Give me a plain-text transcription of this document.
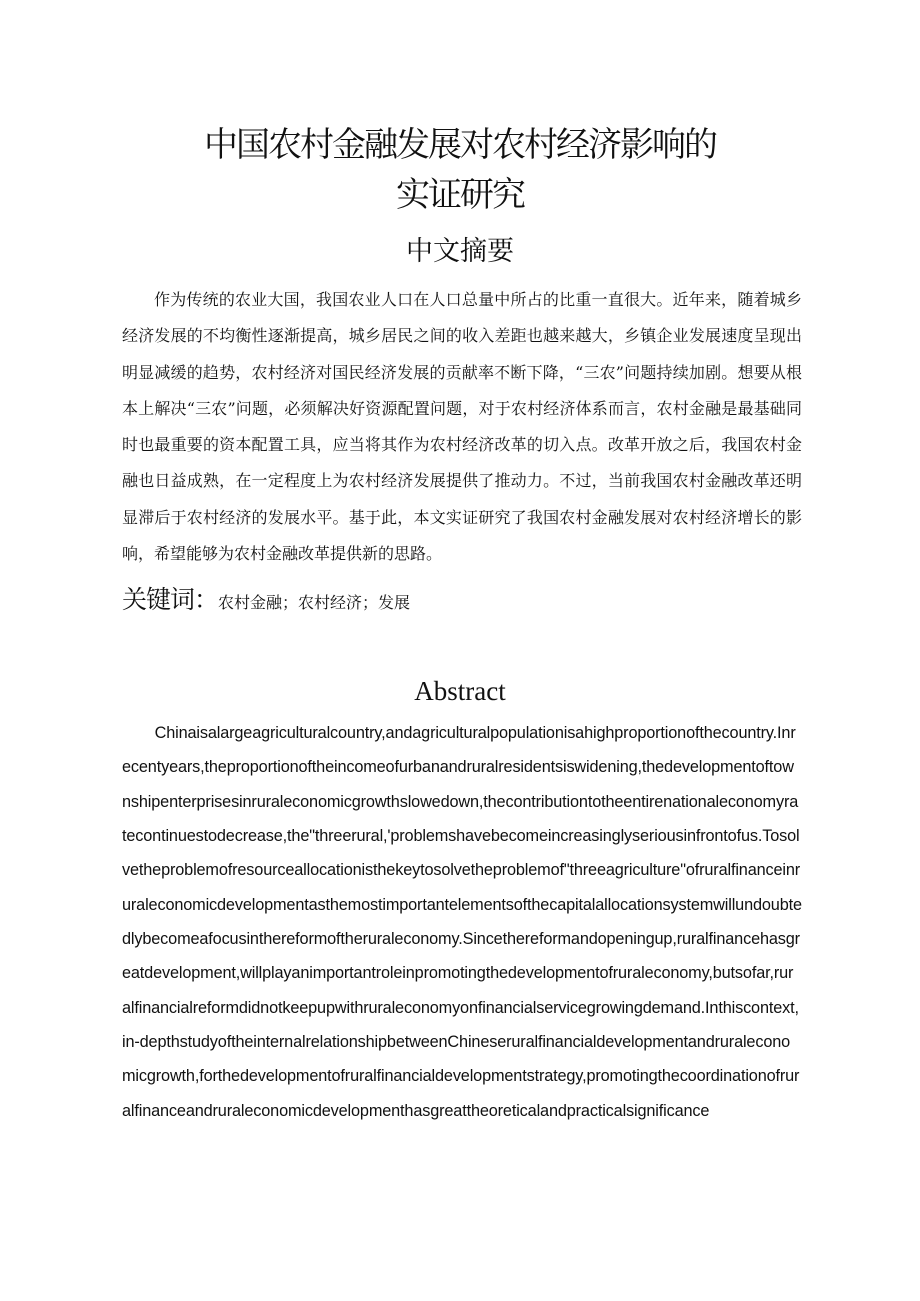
中国农村金融发展对农村经济影响的
实证研究
中文摘要

作为传统的农业大国，我国农业人口在人口总量中所占的比重一直很大。近年来，随着城乡经济发展的不均衡性逐渐提高，城乡居民之间的收入差距也越来越大，乡镇企业发展速度呈现出明显减缓的趋势，农村经济对国民经济发展的贡献率不断下降，“三农”问题持续加剧。想要从根本上解决“三农”问题，必须解决好资源配置问题，对于农村经济体系而言，农村金融是最基础同时也最重要的资本配置工具，应当将其作为农村经济改革的切入点。改革开放之后，我国农村金融也日益成熟，在一定程度上为农村经济发展提供了推动力。不过，当前我国农村金融改革还明显滞后于农村经济的发展水平。基于此，本文实证研究了我国农村金融发展对农村经济增长的影响，希望能够为农村金融改革提供新的思路。

关键词：农村金融；农村经济；发展

Abstract

Chinaisalargeagriculturalcountry,andagriculturalpopulationisahighproportionofthecountry.Inrecentyears,theproportionoftheincomeofurbanandruralresidentsiswidening,thedevelopmentoftownshipenterprisesinruraleconomicgrowthslowedown,thecontributiontotheentirenationaleconomyratecontinuestodecrease,the"threerural,'problemshavebecomeincreasinglyseriousinfrontofus.Tosolvetheproblemofresourceallocationisthekeytosolvetheproblemof"threeagriculture"ofruralfinanceinruraleconomicdevelopmentasthemostimportantelementsofthecapitalallocationsystemwillundoubtedlybecomeafocusinthereformoftheruraleconomy.Sincethereformandopeningup,ruralfinancehasgreatdevelopment,willplayanimportantroleinpromotingthedevelopmentofruraleconomy,butsofar,ruralfinancialreformdidnotkeepupwithruraleconomyonfinancialservicegrowingdemand.Inthiscontext,in-depthstudyoftheinternalrelationshipbetweenChineseruralfinancialdevelopmentandruraleconomicgrowth,forthedevelopmentofruralfinancialdevelopmentstrategy,promotingthecoordinationofruralfinanceandruraleconomicdevelopmenthasgreattheoreticalandpracticalsignificance
